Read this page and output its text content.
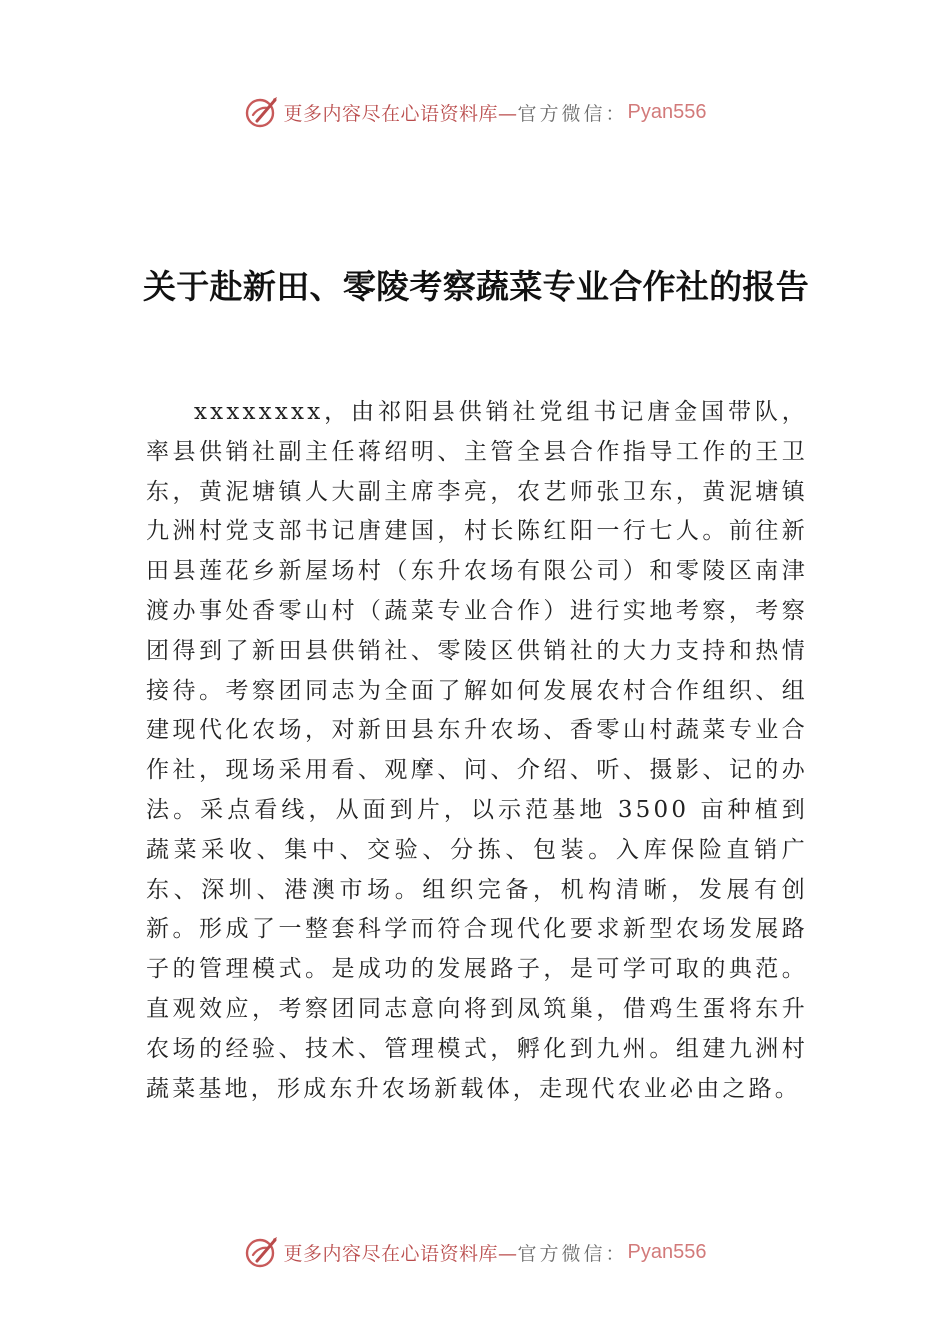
更多内容尽在心语资料库— 官方微信： Pyan556
关于赴新田、零陵考察蔬菜专业合作社的报告

xxxxxxxx，由祁阳县供销社党组书记唐金国带队，率县供销社副主任蒋绍明、主管全县合作指导工作的王卫东，黄泥塘镇人大副主席李亮，农艺师张卫东，黄泥塘镇九洲村党支部书记唐建国，村长陈红阳一行七人。前往新田县莲花乡新屋场村（东升农场有限公司）和零陵区南津渡办事处香零山村（蔬菜专业合作）进行实地考察，考察团得到了新田县供销社、零陵区供销社的大力支持和热情接待。考察团同志为全面了解如何发展农村合作组织、组建现代化农场，对新田县东升农场、香零山村蔬菜专业合作社，现场采用看、观摩、问、介绍、听、摄影、记的办法。采点看线，从面到片，以示范基地 3500 亩种植到蔬菜采收、集中、交验、分拣、包装。入库保险直销广东、深圳、港澳市场。组织完备，机构清晰，发展有创新。形成了一整套科学而符合现代化要求新型农场发展路子的管理模式。是成功的发展路子，是可学可取的典范。直观效应，考察团同志意向将到凤筑巢，借鸡生蛋将东升农场的经验、技术、管理模式，孵化到九州。组建九洲村蔬菜基地，形成东升农场新载体，走现代农业必由之路。

更多内容尽在心语资料库— 官方微信： Pyan556
